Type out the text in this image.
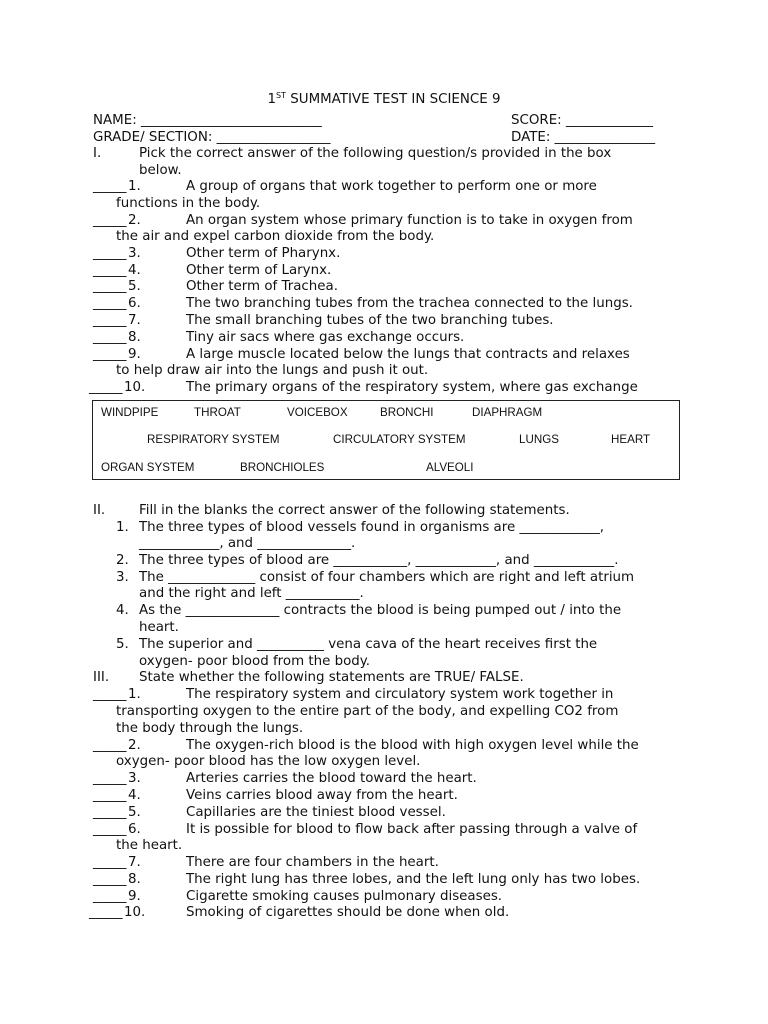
1ST SUMMATIVE TEST IN SCIENCE 9
NAME: ___________________________	SCORE: _____________
GRADE/ SECTION: _________________	DATE: _______________
I.	Pick the correct answer of the following question/s provided in the box
below.
_____ 1.	A group of organs that work together to perform one or more
functions in the body.
_____ 2.	An organ system whose primary function is to take in oxygen from
the air and expel carbon dioxide from the body.
_____ 3.	Other term of Pharynx.
_____ 4.	Other term of Larynx.
_____ 5.	Other term of Trachea.
_____ 6.	The two branching tubes from the trachea connected to the lungs.
_____ 7.	The small branching tubes of the two branching tubes.
_____ 8.	Tiny air sacs where gas exchange occurs.
_____ 9.	A large muscle located below the lungs that contracts and relaxes
to help draw air into the lungs and push it out.
_____ 10.	The primary organs of the respiratory system, where gas exchange
WINDPIPE	THROAT	VOICEBOX	BRONCHI	DIAPHRAGM
RESPIRATORY SYSTEM	CIRCULATORY SYSTEM	LUNGS	HEART
ORGAN SYSTEM	BRONCHIOLES	ALVEOLI
II.	Fill in the blanks the correct answer of the following statements.
1. The three types of blood vessels found in organisms are ____________,
____________, and ______________.
2. The three types of blood are ___________, ____________, and ____________.
3. The _____________ consist of four chambers which are right and left atrium
and the right and left ___________.
4. As the ______________ contracts the blood is being pumped out / into the
heart.
5. The superior and __________ vena cava of the heart receives first the
oxygen- poor blood from the body.
III. State whether the following statements are TRUE/ FALSE.
_____ 1.	The respiratory system and circulatory system work together in
transporting oxygen to the entire part of the body, and expelling CO2 from
the body through the lungs.
_____ 2.	The oxygen-rich blood is the blood with high oxygen level while the
oxygen- poor blood has the low oxygen level.
_____ 3.	Arteries carries the blood toward the heart.
_____ 4.	Veins carries blood away from the heart.
_____ 5.	Capillaries are the tiniest blood vessel.
_____ 6.	It is possible for blood to flow back after passing through a valve of
the heart.
_____ 7.	There are four chambers in the heart.
_____ 8.	The right lung has three lobes, and the left lung only has two lobes.
_____ 9.	Cigarette smoking causes pulmonary diseases.
_____ 10.	Smoking of cigarettes should be done when old.
